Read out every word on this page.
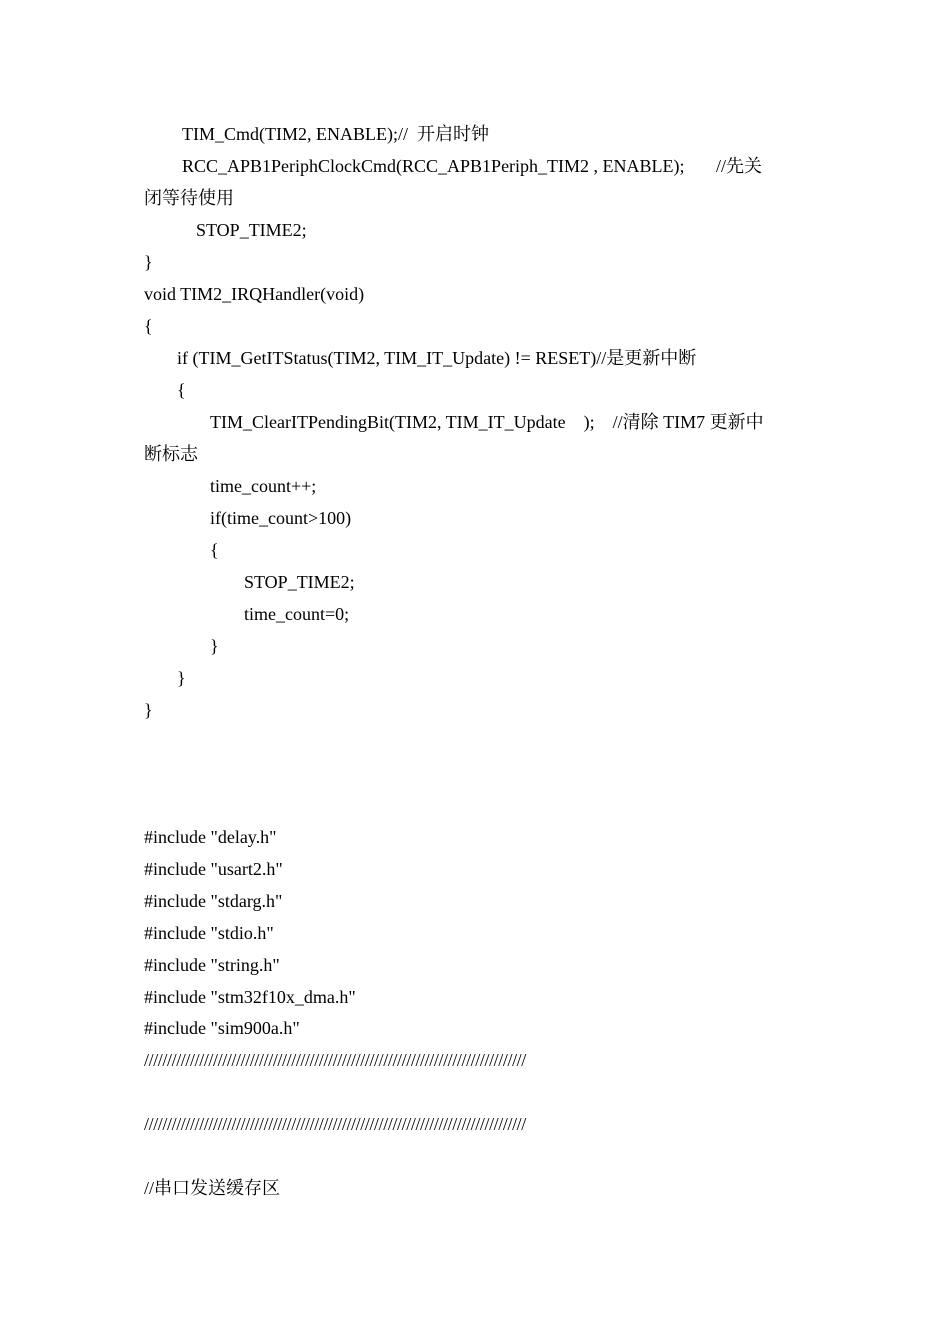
TIM_Cmd(TIM2, ENABLE);//  开启时钟
RCC_APB1PeriphClockCmd(RCC_APB1Periph_TIM2 , ENABLE);       //先关
闭等待使用
STOP_TIME2;
}
void TIM2_IRQHandler(void)
{
if (TIM_GetITStatus(TIM2, TIM_IT_Update) != RESET)//是更新中断
{
TIM_ClearITPendingBit(TIM2, TIM_IT_Update    );    //清除 TIM7 更新中
断标志
time_count++;
if(time_count>100)
{
STOP_TIME2;
time_count=0;
}
}
}
#include "delay.h"
#include "usart2.h"
#include "stdarg.h"
#include "stdio.h"
#include "string.h"
#include "stm32f10x_dma.h"
#include "sim900a.h"
///////////////////////////////////////////////////////////////////////////////////
///////////////////////////////////////////////////////////////////////////////////
//串口发送缓存区
